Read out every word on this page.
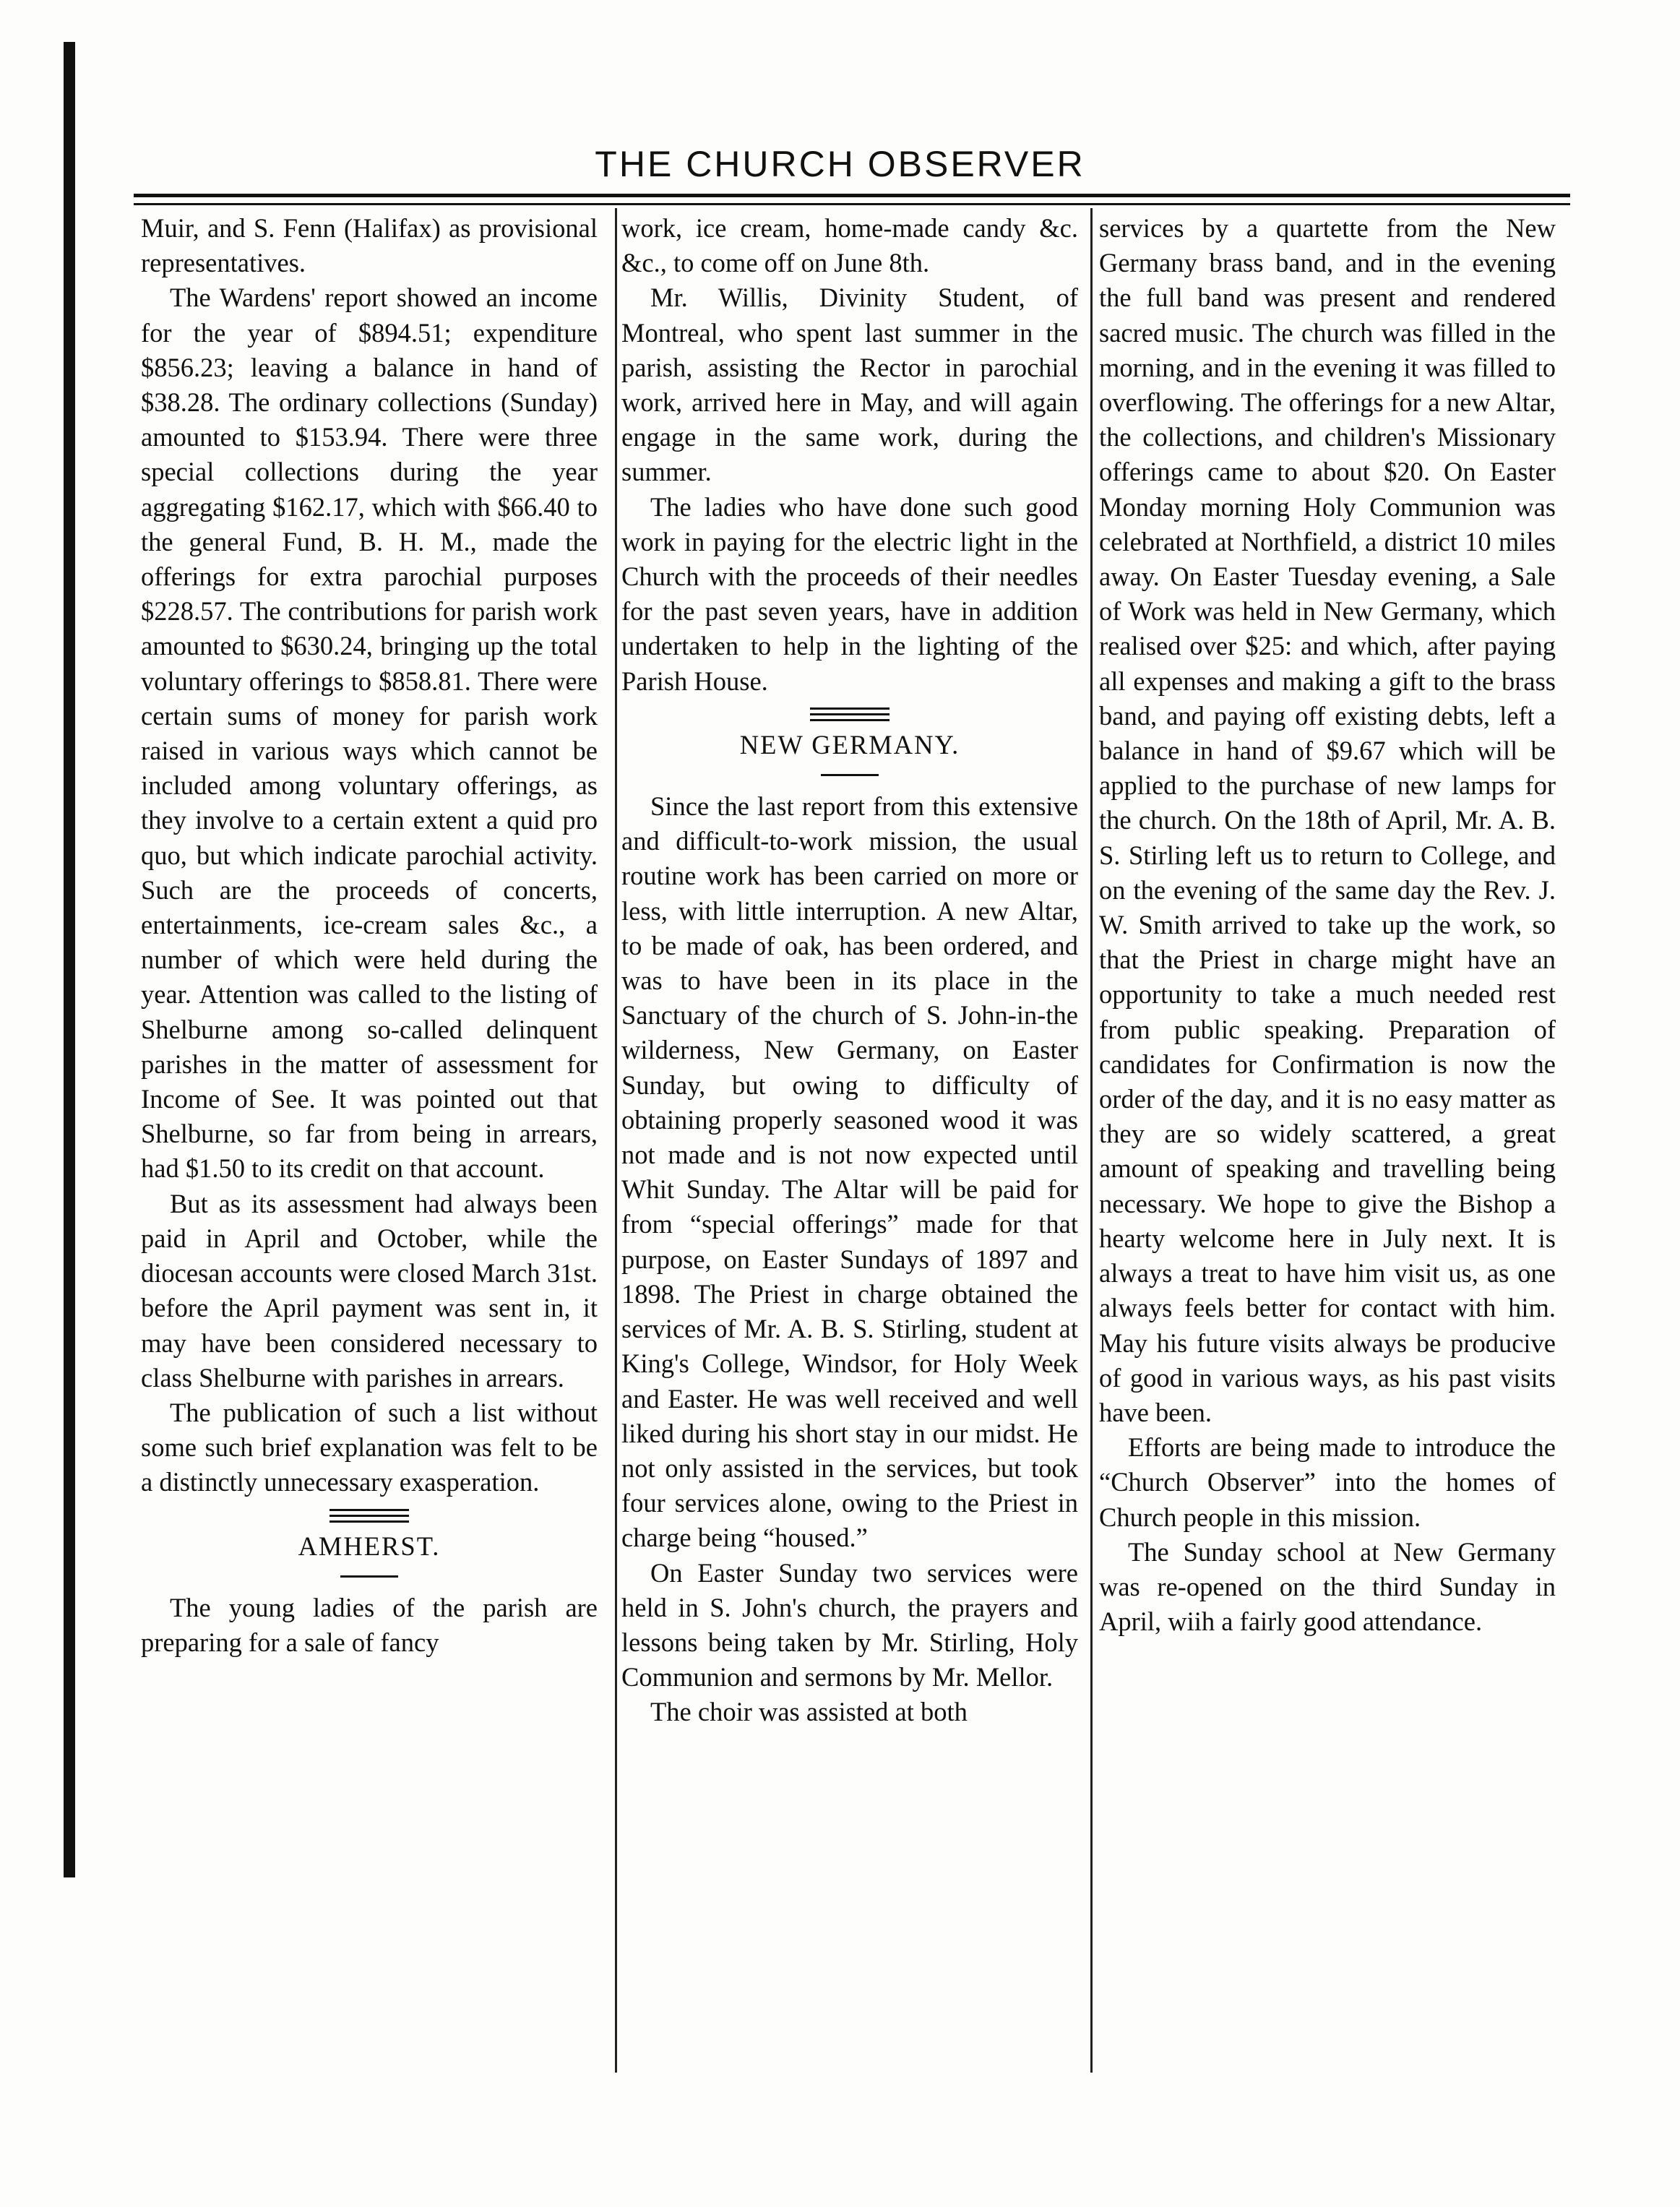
THE CHURCH OBSERVER

Muir, and S. Fenn (Halifax) as provisional representatives.

The Wardens' report showed an income for the year of $894.51; expenditure $856.23; leaving a balance in hand of $38.28. The ordinary collections (Sunday) amounted to $153.94. There were three special collections during the year aggregating $162.17, which with $66.40 to the general Fund, B. H. M., made the offerings for extra parochial purposes $228.57. The contributions for parish work amounted to $630.24, bringing up the total voluntary offerings to $858.81. There were certain sums of money for parish work raised in various ways which cannot be included among voluntary offerings, as they involve to a certain extent a quid pro quo, but which indicate parochial activity. Such are the proceeds of concerts, entertainments, ice-cream sales &c., a number of which were held during the year. Attention was called to the listing of Shelburne among so-called delinquent parishes in the matter of assessment for Income of See. It was pointed out that Shelburne, so far from being in arrears, had $1.50 to its credit on that account.

But as its assessment had always been paid in April and October, while the diocesan accounts were closed March 31st. before the April payment was sent in, it may have been considered necessary to class Shelburne with parishes in arrears.

The publication of such a list without some such brief explanation was felt to be a distinctly unnecessary exasperation.

AMHERST.

The young ladies of the parish are preparing for a sale of fancy

work, ice cream, home-made candy &c. &c., to come off on June 8th.

Mr. Willis, Divinity Student, of Montreal, who spent last summer in the parish, assisting the Rector in parochial work, arrived here in May, and will again engage in the same work, during the summer.

The ladies who have done such good work in paying for the electric light in the Church with the proceeds of their needles for the past seven years, have in addition undertaken to help in the lighting of the Parish House.

NEW GERMANY.

Since the last report from this extensive and difficult-to-work mission, the usual routine work has been carried on more or less, with little interruption. A new Altar, to be made of oak, has been ordered, and was to have been in its place in the Sanctuary of the church of S. John-in-the wilderness, New Germany, on Easter Sunday, but owing to difficulty of obtaining properly seasoned wood it was not made and is not now expected until Whit Sunday. The Altar will be paid for from “special offerings” made for that purpose, on Easter Sundays of 1897 and 1898. The Priest in charge obtained the services of Mr. A. B. S. Stirling, student at King's College, Windsor, for Holy Week and Easter. He was well received and well liked during his short stay in our midst. He not only assisted in the services, but took four services alone, owing to the Priest in charge being “housed.”

On Easter Sunday two services were held in S. John's church, the prayers and lessons being taken by Mr. Stirling, Holy Communion and sermons by Mr. Mellor.

The choir was assisted at both

services by a quartette from the New Germany brass band, and in the evening the full band was present and rendered sacred music. The church was filled in the morning, and in the evening it was filled to overflowing. The offerings for a new Altar, the collections, and children's Missionary offerings came to about $20. On Easter Monday morning Holy Communion was celebrated at Northfield, a district 10 miles away. On Easter Tuesday evening, a Sale of Work was held in New Germany, which realised over $25: and which, after paying all expenses and making a gift to the brass band, and paying off existing debts, left a balance in hand of $9.67 which will be applied to the purchase of new lamps for the church. On the 18th of April, Mr. A. B. S. Stirling left us to return to College, and on the evening of the same day the Rev. J. W. Smith arrived to take up the work, so that the Priest in charge might have an opportunity to take a much needed rest from public speaking. Preparation of candidates for Confirmation is now the order of the day, and it is no easy matter as they are so widely scattered, a great amount of speaking and travelling being necessary. We hope to give the Bishop a hearty welcome here in July next. It is always a treat to have him visit us, as one always feels better for contact with him. May his future visits always be producive of good in various ways, as his past visits have been.

Efforts are being made to introduce the “Church Observer” into the homes of Church people in this mission.

The Sunday school at New Germany was re-opened on the third Sunday in April, wiih a fairly good attendance.
